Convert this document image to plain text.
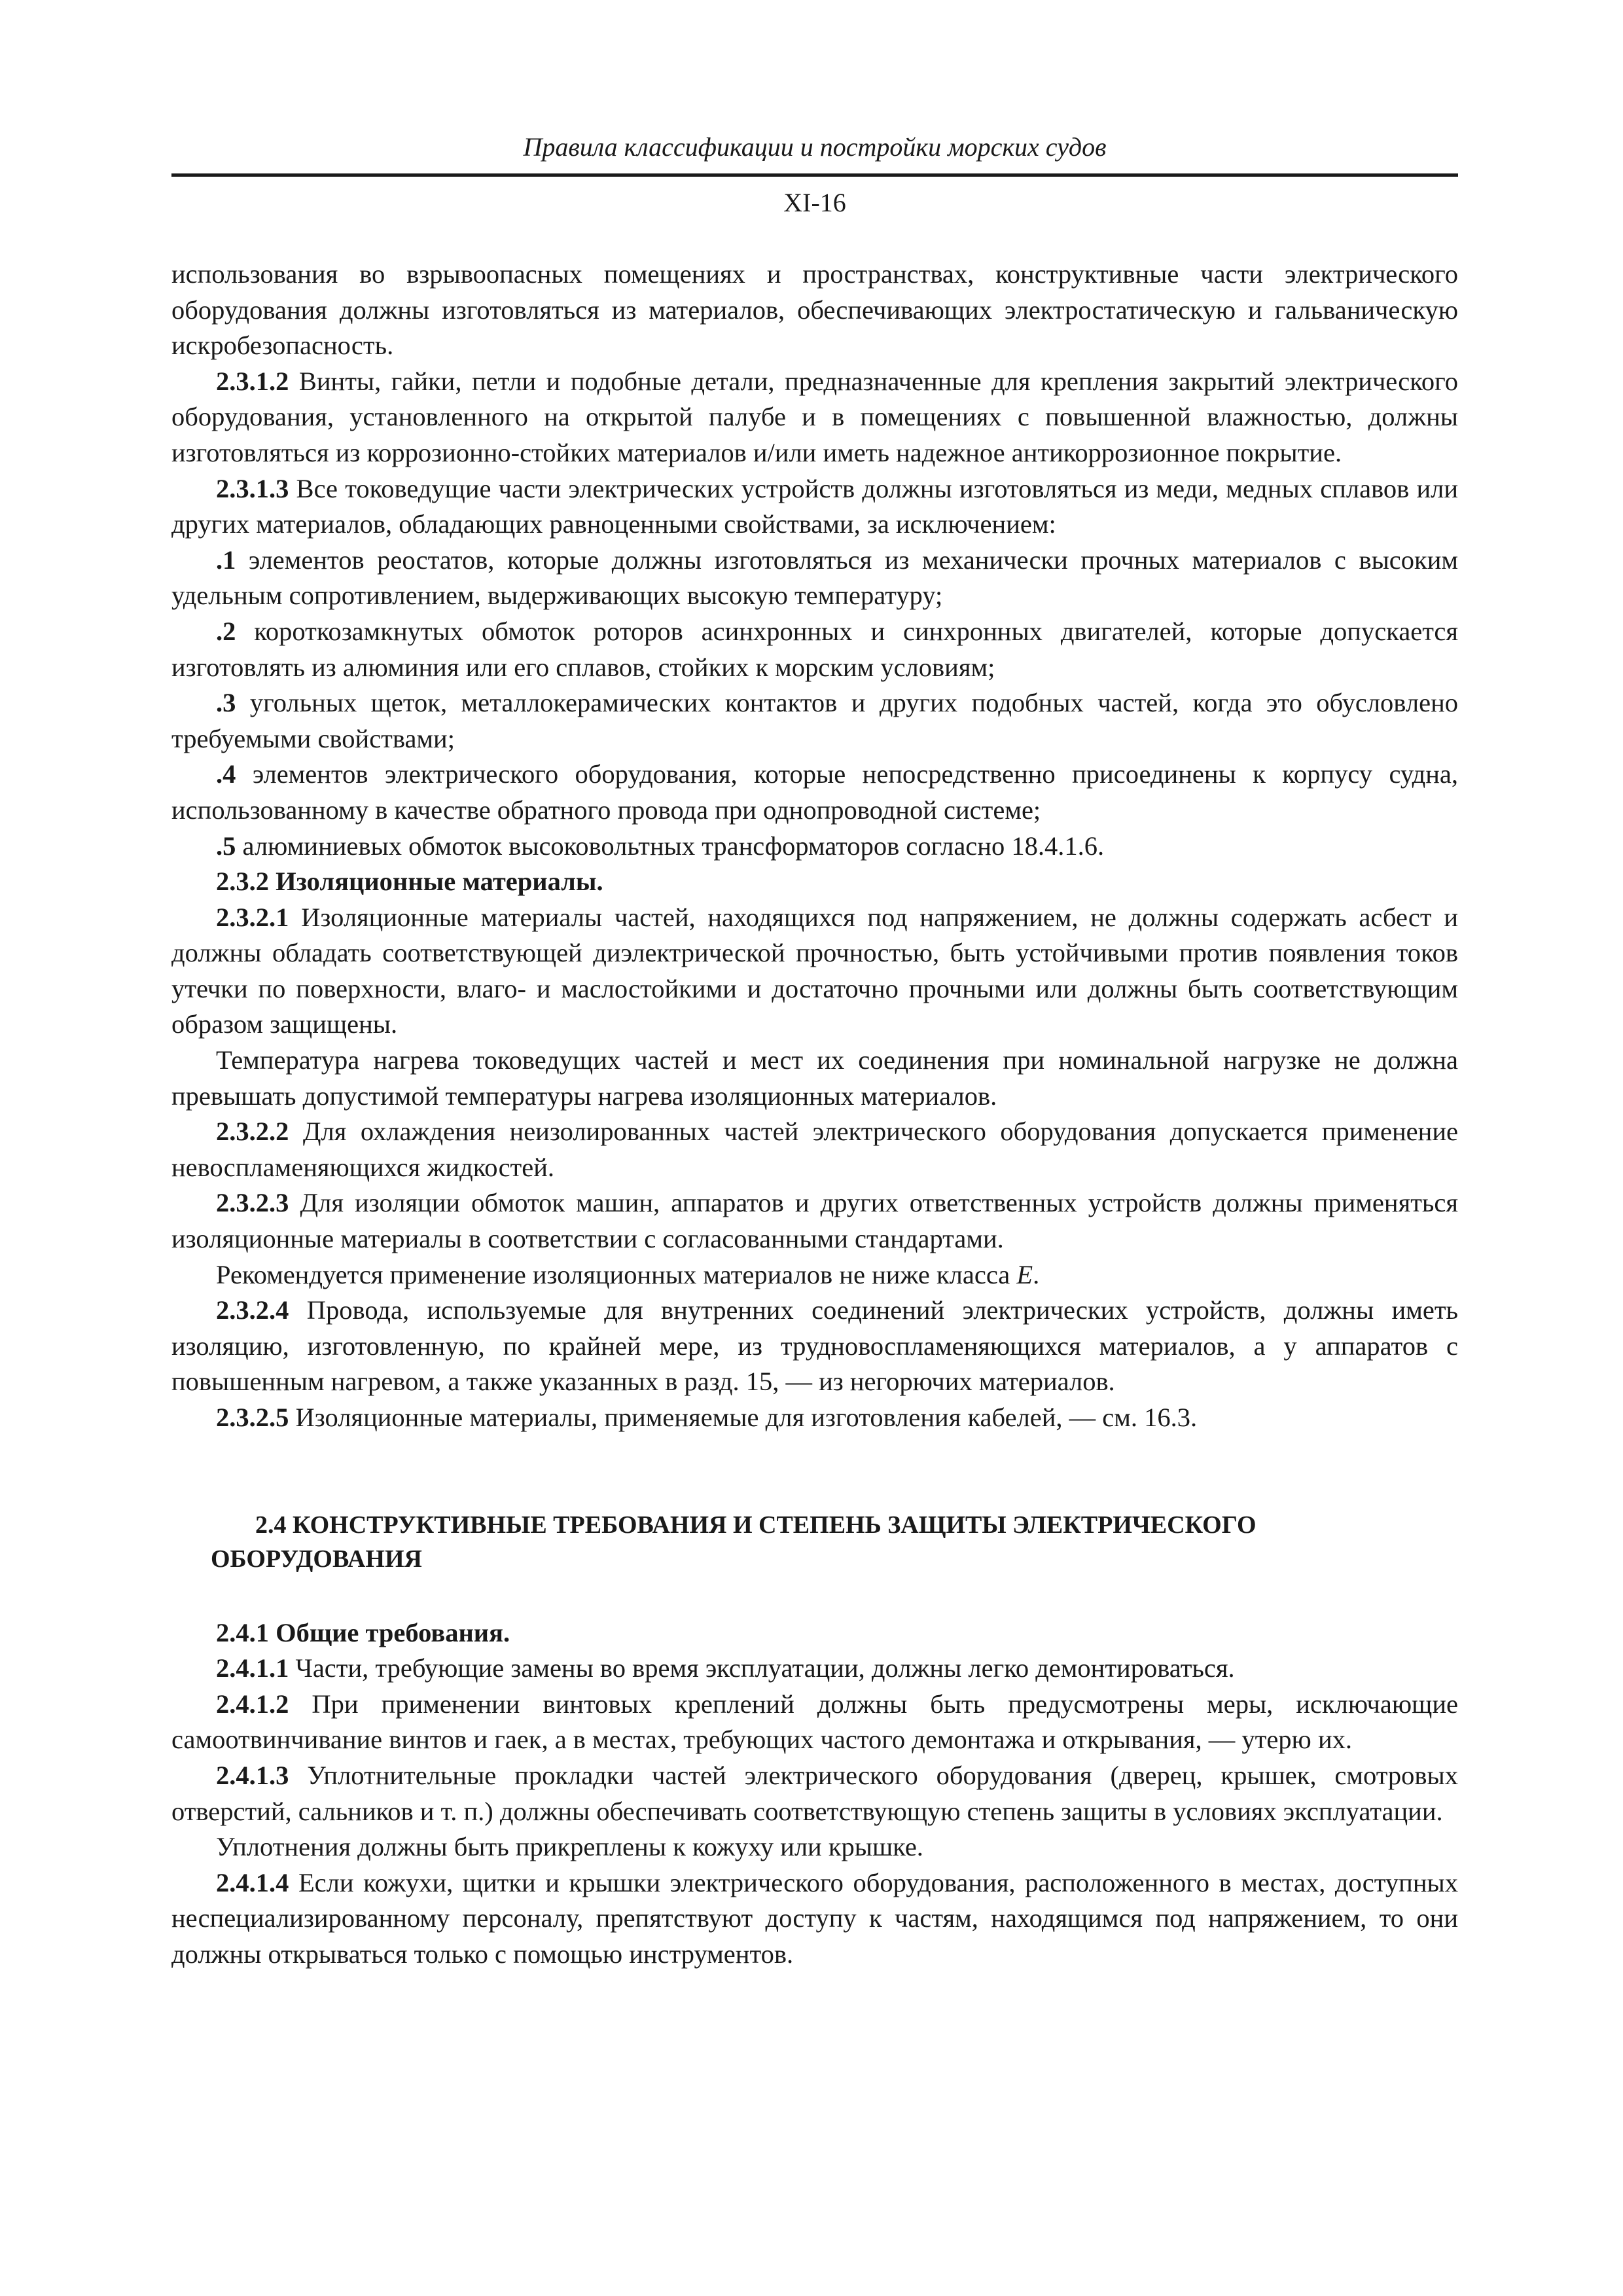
Правила классификации и постройки морских судов
XI-16

использования во взрывоопасных помещениях и пространствах, конструктивные части электрического оборудования должны изготовляться из материалов, обеспечивающих электростатическую и гальваническую искробезопасность.

2.3.1.2 Винты, гайки, петли и подобные детали, предназначенные для крепления закрытий электрического оборудования, установленного на открытой палубе и в помещениях с повышенной влажностью, должны изготовляться из коррозионно-стойких материалов и/или иметь надежное антикоррозионное покрытие.

2.3.1.3 Все токоведущие части электрических устройств должны изготовляться из меди, медных сплавов или других материалов, обладающих равноценными свойствами, за исключением:

.1 элементов реостатов, которые должны изготовляться из механически прочных материалов с высоким удельным сопротивлением, выдерживающих высокую температуру;

.2 короткозамкнутых обмоток роторов асинхронных и синхронных двигателей, которые допускается изготовлять из алюминия или его сплавов, стойких к морским условиям;

.3 угольных щеток, металлокерамических контактов и других подобных частей, когда это обусловлено требуемыми свойствами;

.4 элементов электрического оборудования, которые непосредственно присоединены к корпусу судна, использованному в качестве обратного провода при однопроводной системе;

.5 алюминиевых обмоток высоковольтных трансформаторов согласно 18.4.1.6.

2.3.2 Изоляционные материалы.

2.3.2.1 Изоляционные материалы частей, находящихся под напряжением, не должны содержать асбест и должны обладать соответствующей диэлектрической прочностью, быть устойчивыми против появления токов утечки по поверхности, влаго- и маслостойкими и достаточно прочными или должны быть соответствующим образом защищены.

Температура нагрева токоведущих частей и мест их соединения при номинальной нагрузке не должна превышать допустимой температуры нагрева изоляционных материалов.

2.3.2.2 Для охлаждения неизолированных частей электрического оборудования допускается применение невоспламеняющихся жидкостей.

2.3.2.3 Для изоляции обмоток машин, аппаратов и других ответственных устройств должны применяться изоляционные материалы в соответствии с согласованными стандартами.

Рекомендуется применение изоляционных материалов не ниже класса E.

2.3.2.4 Провода, используемые для внутренних соединений электрических устройств, должны иметь изоляцию, изготовленную, по крайней мере, из трудновоспламеняющихся материалов, а у аппаратов с повышенным нагревом, а также указанных в разд. 15, — из негорючих материалов.

2.3.2.5 Изоляционные материалы, применяемые для изготовления кабелей, — см. 16.3.

2.4 КОНСТРУКТИВНЫЕ ТРЕБОВАНИЯ И СТЕПЕНЬ ЗАЩИТЫ ЭЛЕКТРИЧЕСКОГО
ОБОРУДОВАНИЯ

2.4.1 Общие требования.

2.4.1.1 Части, требующие замены во время эксплуатации, должны легко демонтироваться.

2.4.1.2 При применении винтовых креплений должны быть предусмотрены меры, исключающие самоотвинчивание винтов и гаек, а в местах, требующих частого демонтажа и открывания, — утерю их.

2.4.1.3 Уплотнительные прокладки частей электрического оборудования (дверец, крышек, смотровых отверстий, сальников и т. п.) должны обеспечивать соответствующую степень защиты в условиях эксплуатации.

Уплотнения должны быть прикреплены к кожуху или крышке.

2.4.1.4 Если кожухи, щитки и крышки электрического оборудования, расположенного в местах, доступных неспециализированному персоналу, препятствуют доступу к частям, находящимся под напряжением, то они должны открываться только с помощью инструментов.
